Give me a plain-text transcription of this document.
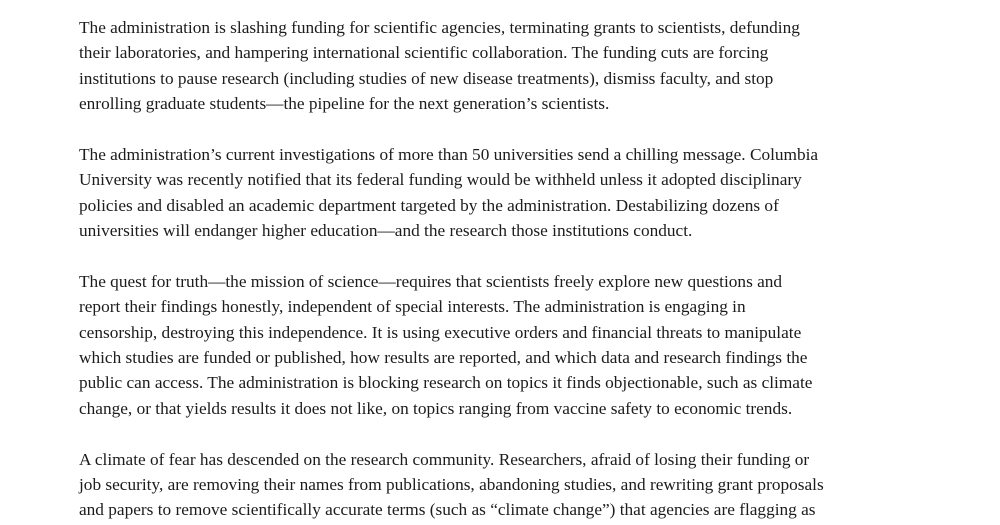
The administration is slashing funding for scientific agencies, terminating grants to scientists, defunding
their laboratories, and hampering international scientific collaboration. The funding cuts are forcing
institutions to pause research (including studies of new disease treatments), dismiss faculty, and stop
enrolling graduate students—the pipeline for the next generation’s scientists.

The administration’s current investigations of more than 50 universities send a chilling message. Columbia
University was recently notified that its federal funding would be withheld unless it adopted disciplinary
policies and disabled an academic department targeted by the administration. Destabilizing dozens of
universities will endanger higher education—and the research those institutions conduct.

The quest for truth—the mission of science—requires that scientists freely explore new questions and
report their findings honestly, independent of special interests. The administration is engaging in
censorship, destroying this independence. It is using executive orders and financial threats to manipulate
which studies are funded or published, how results are reported, and which data and research findings the
public can access. The administration is blocking research on topics it finds objectionable, such as climate
change, or that yields results it does not like, on topics ranging from vaccine safety to economic trends.

A climate of fear has descended on the research community. Researchers, afraid of losing their funding or
job security, are removing their names from publications, abandoning studies, and rewriting grant proposals
and papers to remove scientifically accurate terms (such as “climate change”) that agencies are flagging as
